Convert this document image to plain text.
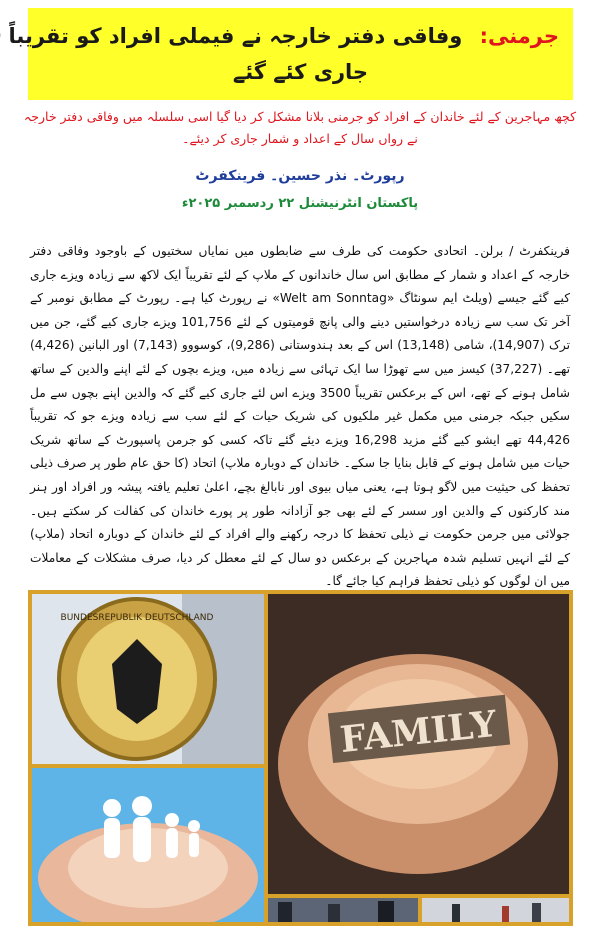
جرمنی: وفاقی دفتر خارجہ نے فیملی افراد کو تقریباً
جاری کئے گئے
کچھ مہاجرین کے لئے خاندان کے افراد کو جرمنی بلانا مشکل کر دیا گیا اسی سلسلہ میں وفاقی دفتر خارجہ نے رواں سال کے اعداد و شمار جاری کر دیئے۔
رپورٹ۔ نذر حسین۔ فرینکفرٹ
پاکستان انٹرنیشنل ۲۲ ردسمبر ۲۰۲۵ء
فرینکفرٹ / برلن۔ اتحادی حکومت کی طرف سے ضابطوں میں نمایاں سختیوں کے باوجود وفاقی دفتر خارجہ کے اعداد و شمار کے مطابق اس سال خاندانوں کے ملاپ کے لئے تقریباً ایک لاکھ سے زیادہ ویزے جاری کیے گئے جیسے (ویلٹ ایم سونٹاگ «Welt am Sonntag» نے رپورٹ کیا ہے۔ رپورٹ کے مطابق نومبر کے آخر تک سب سے زیادہ درخواستیں دینے والی پانچ قومیتوں کے لئے 101,756 ویزے جاری کیے گئے، جن میں ترک (14,907)، شامی (13,148) اس کے بعد ہندوستانی (9,286)، کوسووو (7,143) اور البانین (4,426) تھے۔ (37,227) کیسز میں سے تھوڑا سا ایک تہائی سے زیادہ میں، ویزے بچوں کے لئے اپنے والدین کے ساتھ شامل ہونے کے تھے، اس کے برعکس تقریباً 3500 ویزے اس لئے جاری کیے گئے کہ والدین اپنے بچوں سے مل سکیں جبکہ جرمنی میں مکمل غیر ملکیوں کی شریک حیات کے لئے سب سے زیادہ ویزے جو کہ تقریباً 44,426 تھے ایشو کیے گئے مزید 16,298 ویزے دیئے گئے تاکہ کسی کو جرمن پاسپورٹ کے ساتھ شریک حیات میں شامل ہونے کے قابل بنایا جا سکے۔ خاندان کے دوبارہ ملاپ) اتحاد (کا حق عام طور پر صرف ذیلی تحفظ کی حیثیت میں لاگو ہوتا ہے، یعنی میاں بیوی اور نابالغ بچے، اعلیٰ تعلیم یافتہ پیشہ ور افراد اور ہنر مند کارکنوں کے والدین اور سسر کے لئے بھی جو آزادانہ طور پر پورے خاندان کی کفالت کر سکتے ہیں۔ جولائی میں جرمن حکومت نے ذیلی تحفظ کا درجہ رکھنے والے افراد کے لئے خاندان کے دوبارہ اتحاد (ملاپ) کے لئے انہیں تسلیم شدہ مہاجرین کے برعکس دو سال کے لئے معطل کر دیا، صرف مشکلات کے معاملات میں ان لوگوں کو ذیلی تحفظ فراہم کیا جائے گا۔
BUNDESREPUBLIK DEUTSCHLAND
FAMILY
